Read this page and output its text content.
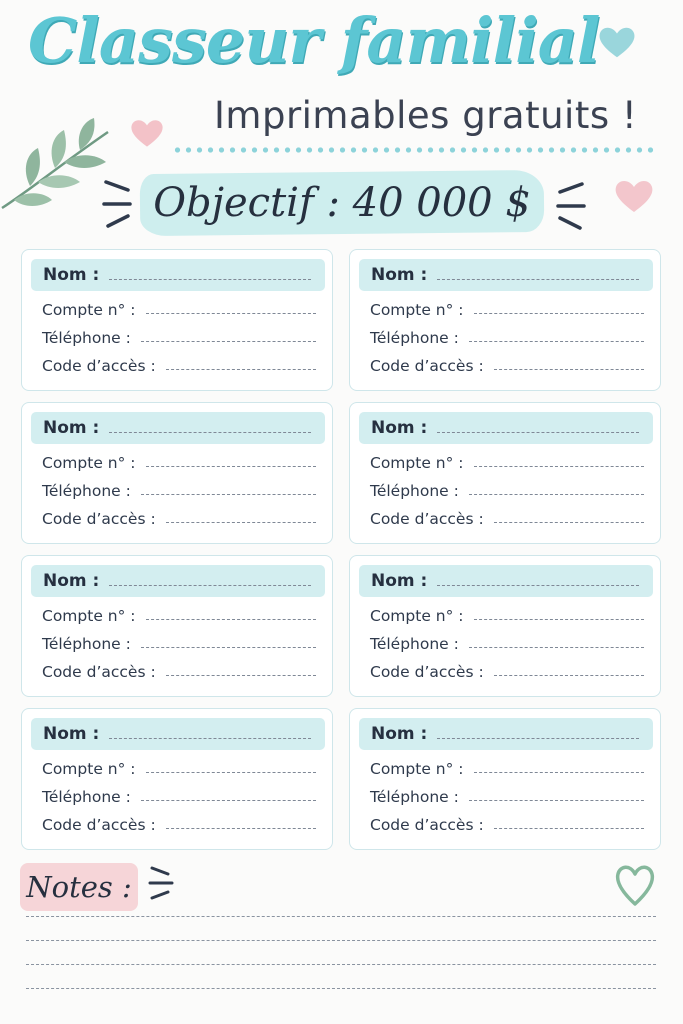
Classeur familial
Imprimables gratuits !
Objectif : 40 000 $
Nom :
Compte n° :
Téléphone :
Code d’accès :
Nom :
Compte n° :
Téléphone :
Code d’accès :
Nom :
Compte n° :
Téléphone :
Code d’accès :
Nom :
Compte n° :
Téléphone :
Code d’accès :
Nom :
Compte n° :
Téléphone :
Code d’accès :
Nom :
Compte n° :
Téléphone :
Code d’accès :
Nom :
Compte n° :
Téléphone :
Code d’accès :
Nom :
Compte n° :
Téléphone :
Code d’accès :
Notes :
